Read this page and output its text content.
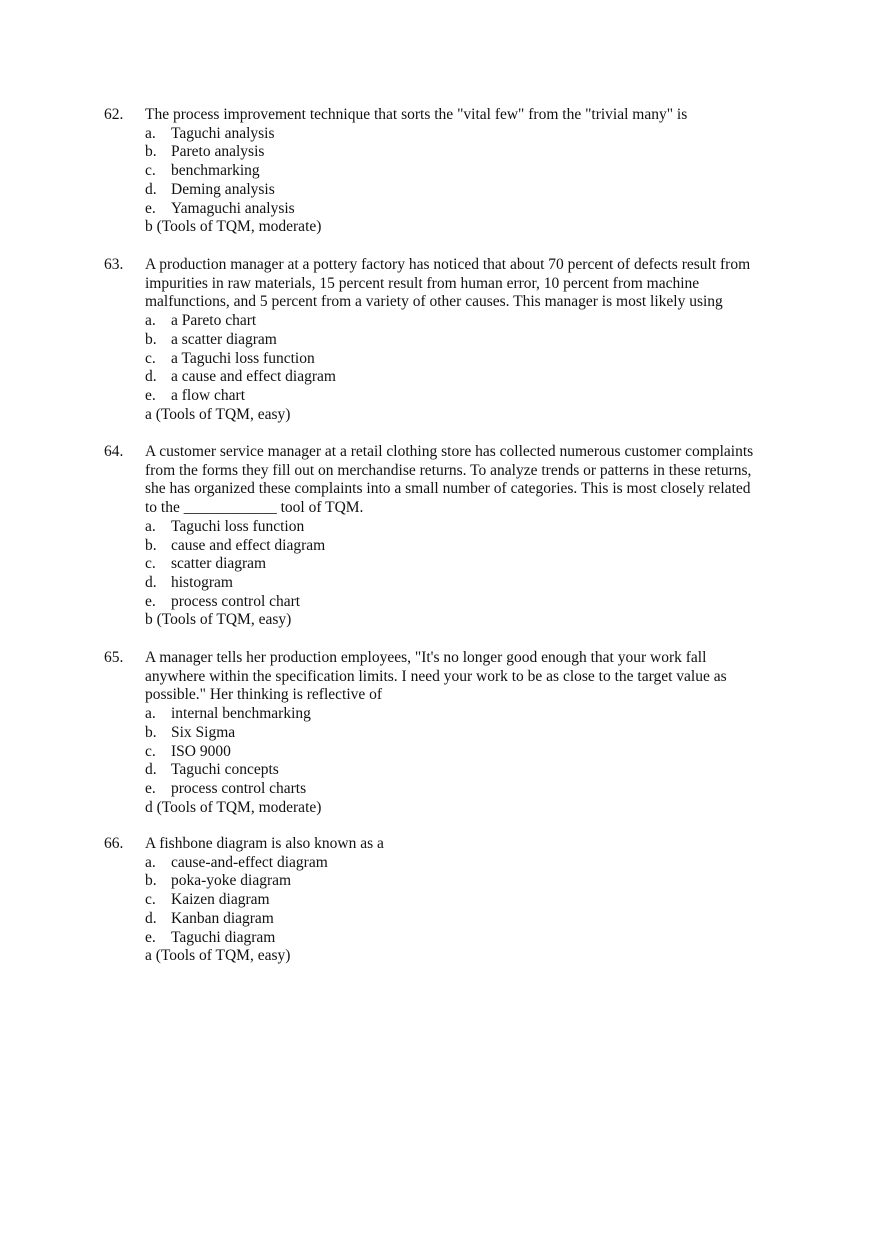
62. The process improvement technique that sorts the "vital few" from the "trivial many" is
a. Taguchi analysis
b. Pareto analysis
c. benchmarking
d. Deming analysis
e. Yamaguchi analysis
b (Tools of TQM, moderate)
63. A production manager at a pottery factory has noticed that about 70 percent of defects result from
impurities in raw materials, 15 percent result from human error, 10 percent from machine
malfunctions, and 5 percent from a variety of other causes. This manager is most likely using
a. a Pareto chart
b. a scatter diagram
c. a Taguchi loss function
d. a cause and effect diagram
e. a flow chart
a (Tools of TQM, easy)
64. A customer service manager at a retail clothing store has collected numerous customer complaints
from the forms they fill out on merchandise returns. To analyze trends or patterns in these returns,
she has organized these complaints into a small number of categories. This is most closely related
to the ____________ tool of TQM.
a. Taguchi loss function
b. cause and effect diagram
c. scatter diagram
d. histogram
e. process control chart
b (Tools of TQM, easy)
65. A manager tells her production employees, "It's no longer good enough that your work fall
anywhere within the specification limits. I need your work to be as close to the target value as
possible." Her thinking is reflective of
a. internal benchmarking
b. Six Sigma
c. ISO 9000
d. Taguchi concepts
e. process control charts
d (Tools of TQM, moderate)
66. A fishbone diagram is also known as a
a. cause-and-effect diagram
b. poka-yoke diagram
c. Kaizen diagram
d. Kanban diagram
e. Taguchi diagram
a (Tools of TQM, easy)
